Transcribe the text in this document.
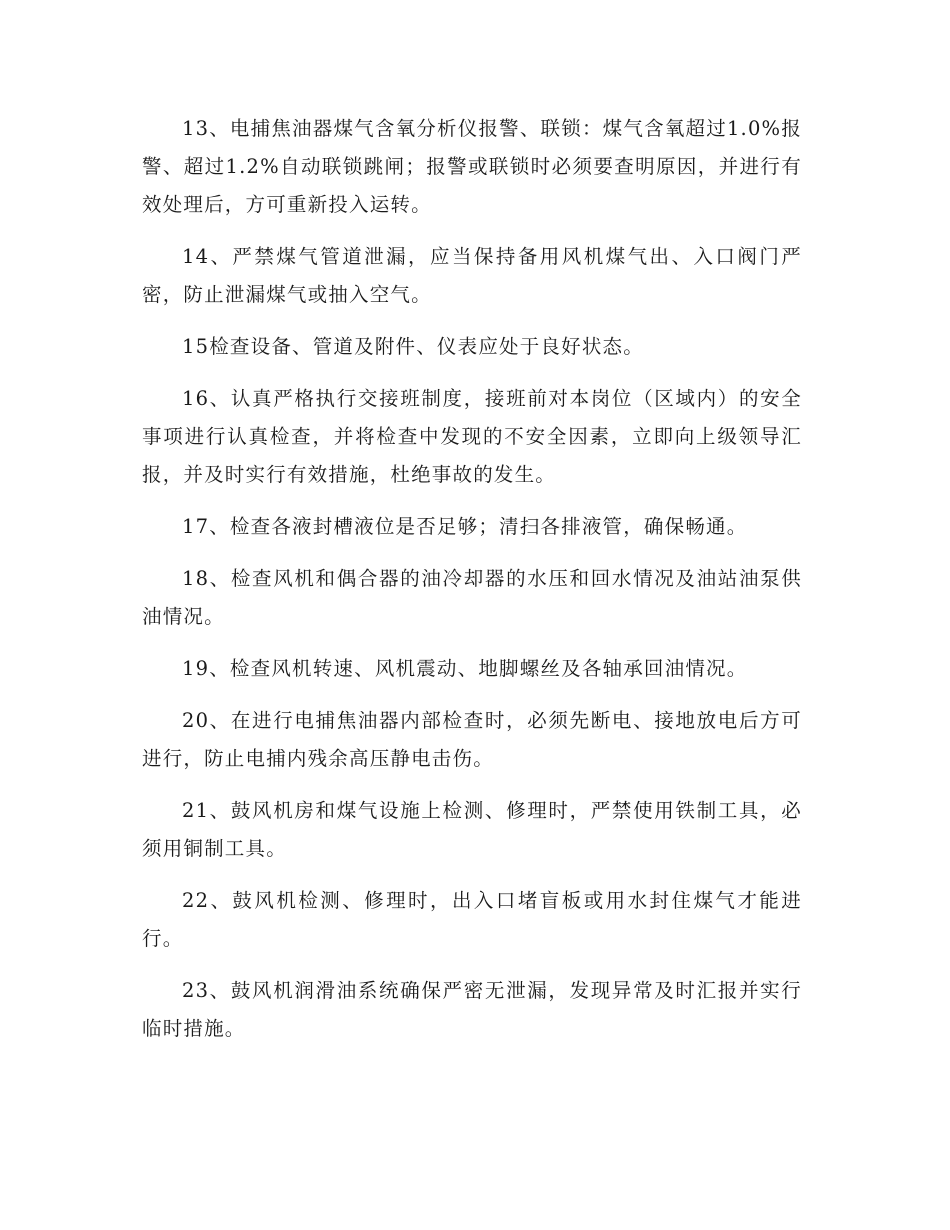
13、电捕焦油器煤气含氧分析仪报警、联锁：煤气含氧超过1.0%报警、超过1.2%自动联锁跳闸；报警或联锁时必须要查明原因，并进行有效处理后，方可重新投入运转。

14、严禁煤气管道泄漏，应当保持备用风机煤气出、入口阀门严密，防止泄漏煤气或抽入空气。

15检查设备、管道及附件、仪表应处于良好状态。

16、认真严格执行交接班制度，接班前对本岗位（区域内）的安全事项进行认真检查，并将检查中发现的不安全因素，立即向上级领导汇报，并及时实行有效措施，杜绝事故的发生。

17、检查各液封槽液位是否足够；清扫各排液管，确保畅通。

18、检查风机和偶合器的油冷却器的水压和回水情况及油站油泵供油情况。

19、检查风机转速、风机震动、地脚螺丝及各轴承回油情况。

20、在进行电捕焦油器内部检查时，必须先断电、接地放电后方可进行，防止电捕内残余高压静电击伤。

21、鼓风机房和煤气设施上检测、修理时，严禁使用铁制工具，必须用铜制工具。

22、鼓风机检测、修理时，出入口堵盲板或用水封住煤气才能进行。

23、鼓风机润滑油系统确保严密无泄漏，发现异常及时汇报并实行临时措施。
